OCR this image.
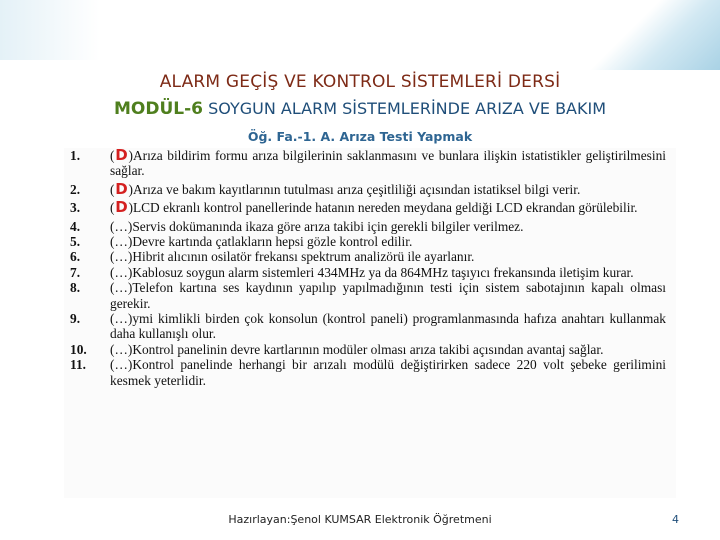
ALARM GEÇİŞ VE KONTROL SİSTEMLERİ DERSİ
MODÜL-6 SOYGUN ALARM SİSTEMLERİNDE ARIZA VE BAKIM
Öğ. Fa.-1. A. Arıza Testi Yapmak
1. (D)Arıza bildirim formu arıza bilgilerinin saklanmasını ve bunlara ilişkin istatistikler geliştirilmesini sağlar.
2. (D)Arıza ve bakım kayıtlarının tutulması arıza çeşitliliği açısından istatiksel bilgi verir.
3. (D)LCD ekranlı kontrol panellerinde hatanın nereden meydana geldiği LCD ekrandan görülebilir.
4. (…)Servis dokümanında ikaza göre arıza takibi için gerekli bilgiler verilmez.
5. (…)Devre kartında çatlakların hepsi gözle kontrol edilir.
6. (…)Hibrit alıcının osilatör frekansı spektrum analizörü ile ayarlanır.
7. (…)Kablosuz soygun alarm sistemleri 434MHz ya da 864MHz taşıyıcı frekansında iletişim kurar.
8. (…)Telefon kartına ses kaydının yapılıp yapılmadığının testi için sistem sabotajının kapalı olması gerekir.
9. (…)ymi kimlikli birden çok konsolun (kontrol paneli) programlanmasında hafıza anahtarı kullanmak daha kullanışlı olur.
10. (…)Kontrol panelinin devre kartlarının modüler olması arıza takibi açısından avantaj sağlar.
11. (…)Kontrol panelinde herhangi bir arızalı modülü değiştirirken sadece 220 volt şebeke gerilimini kesmek yeterlidir.
Hazırlayan:Şenol KUMSAR Elektronik Öğretmeni	4
